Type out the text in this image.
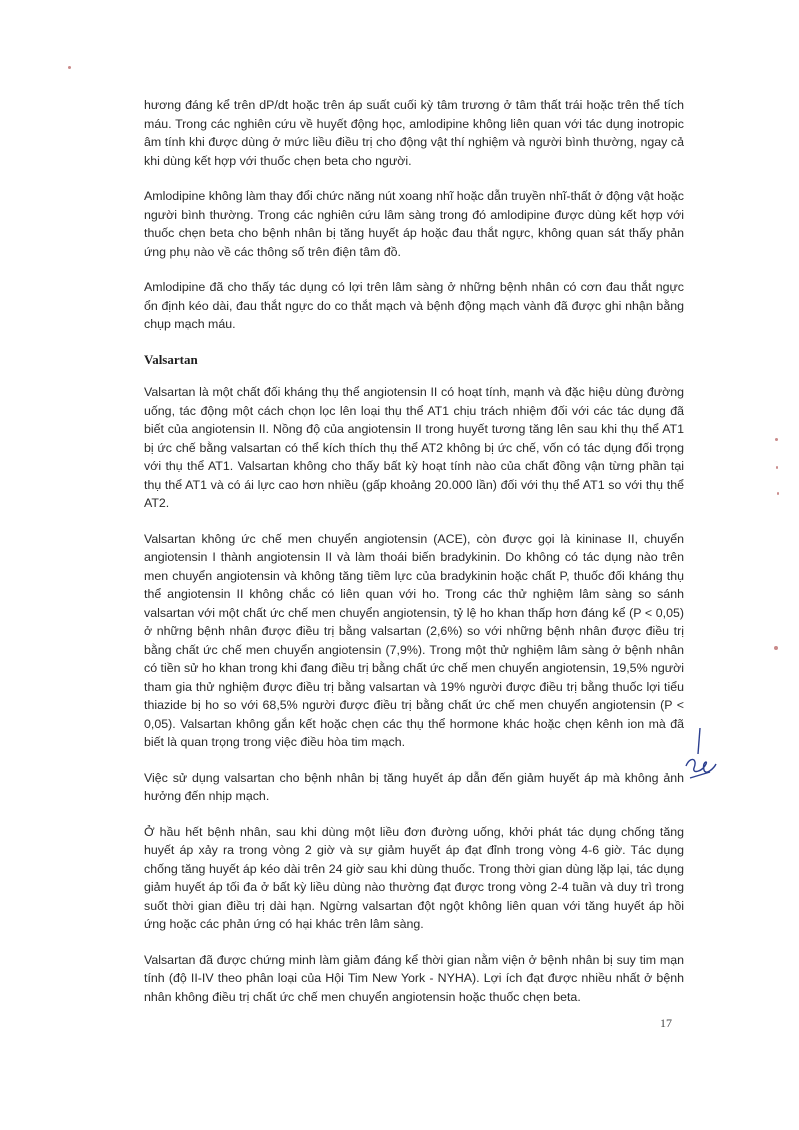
hương đáng kể trên dP/dt hoặc trên áp suất cuối kỳ tâm trương ở tâm thất trái hoặc trên thể tích máu. Trong các nghiên cứu về huyết động học, amlodipine không liên quan với tác dụng inotropic âm tính khi được dùng ở mức liều điều trị cho động vật thí nghiệm và người bình thường, ngay cả khi dùng kết hợp với thuốc chẹn beta cho người.

Amlodipine không làm thay đổi chức năng nút xoang nhĩ hoặc dẫn truyền nhĩ-thất ở động vật hoặc người bình thường. Trong các nghiên cứu lâm sàng trong đó amlodipine được dùng kết hợp với thuốc chẹn beta cho bệnh nhân bị tăng huyết áp hoặc đau thắt ngực, không quan sát thấy phản ứng phụ nào về các thông số trên điện tâm đồ.

Amlodipine đã cho thấy tác dụng có lợi trên lâm sàng ở những bệnh nhân có cơn đau thắt ngực ổn định kéo dài, đau thắt ngực do co thắt mạch và bệnh động mạch vành đã được ghi nhận bằng chụp mạch máu.

Valsartan

Valsartan là một chất đối kháng thụ thể angiotensin II có hoạt tính, mạnh và đặc hiệu dùng đường uống, tác động một cách chọn lọc lên loại thụ thể AT1 chịu trách nhiệm đối với các tác dụng đã biết của angiotensin II. Nồng độ của angiotensin II trong huyết tương tăng lên sau khi thụ thể AT1 bị ức chế bằng valsartan có thể kích thích thụ thể AT2 không bị ức chế, vốn có tác dụng đối trọng với thụ thể AT1. Valsartan không cho thấy bất kỳ hoạt tính nào của chất đồng vận từng phần tại thụ thể AT1 và có ái lực cao hơn nhiều (gấp khoảng 20.000 lần) đối với thụ thể AT1 so với thụ thể AT2.

Valsartan không ức chế men chuyển angiotensin (ACE), còn được gọi là kininase II, chuyển angiotensin I thành angiotensin II và làm thoái biến bradykinin. Do không có tác dụng nào trên men chuyển angiotensin và không tăng tiềm lực của bradykinin hoặc chất P, thuốc đối kháng thụ thể angiotensin II không chắc có liên quan với ho. Trong các thử nghiệm lâm sàng so sánh valsartan với một chất ức chế men chuyển angiotensin, tỷ lệ ho khan thấp hơn đáng kể (P < 0,05) ở những bệnh nhân được điều trị bằng valsartan (2,6%) so với những bệnh nhân được điều trị bằng chất ức chế men chuyển angiotensin (7,9%). Trong một thử nghiệm lâm sàng ở bệnh nhân có tiền sử ho khan trong khi đang điều trị bằng chất ức chế men chuyển angiotensin, 19,5% người tham gia thử nghiệm được điều trị bằng valsartan và 19% người được điều trị bằng thuốc lợi tiểu thiazide bị ho so với 68,5% người được điều trị bằng chất ức chế men chuyển angiotensin (P < 0,05). Valsartan không gắn kết hoặc chẹn các thụ thể hormone khác hoặc chẹn kênh ion mà đã biết là quan trọng trong việc điều hòa tim mạch.

Việc sử dụng valsartan cho bệnh nhân bị tăng huyết áp dẫn đến giảm huyết áp mà không ảnh hưởng đến nhịp mạch.

Ở hầu hết bệnh nhân, sau khi dùng một liều đơn đường uống, khởi phát tác dụng chống tăng huyết áp xảy ra trong vòng 2 giờ và sự giảm huyết áp đạt đỉnh trong vòng 4-6 giờ. Tác dụng chống tăng huyết áp kéo dài trên 24 giờ sau khi dùng thuốc. Trong thời gian dùng lặp lại, tác dụng giảm huyết áp tối đa ở bất kỳ liều dùng nào thường đạt được trong vòng 2-4 tuần và duy trì trong suốt thời gian điều trị dài hạn. Ngừng valsartan đột ngột không liên quan với tăng huyết áp hồi ứng hoặc các phản ứng có hại khác trên lâm sàng.

Valsartan đã được chứng minh làm giảm đáng kể thời gian nằm viện ở bệnh nhân bị suy tim mạn tính (độ II-IV theo phân loại của Hội Tim New York - NYHA). Lợi ích đạt được nhiều nhất ở bệnh nhân không điều trị chất ức chế men chuyển angiotensin hoặc thuốc chẹn beta.

17
